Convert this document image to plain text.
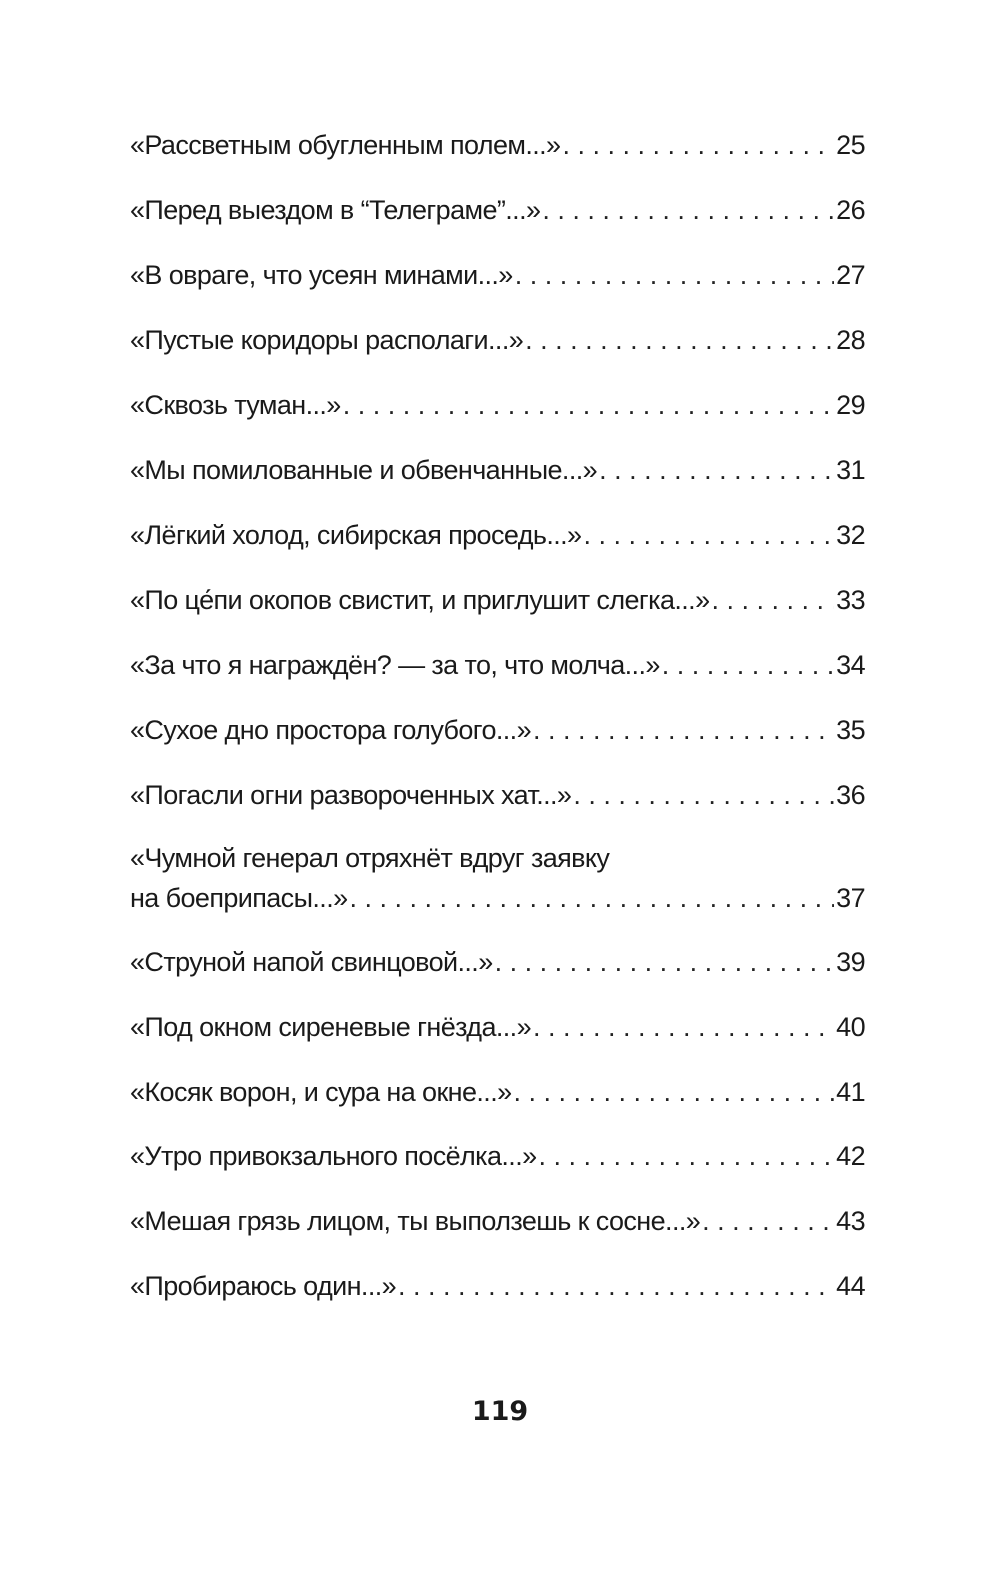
«Рассветным обугленным полем...» . . .	25
«Перед выездом в “Телеграме”...» . . .	26
«В овраге, что усеян минами...» . . .	27
«Пустые коридоры располаги...» . . .	28
«Сквозь туман...» . . .	29
«Мы помилованные и обвенчанные...» . . .	31
«Лёгкий холод, сибирская проседь...» . . .	32
«По це́пи окопов свистит, и приглушит слегка...» . . .	33
«За что я награждён? — за то, что молча...» . . .	34
«Сухое дно простора голубого...» . . .	35
«Погасли огни развороченных хат...» . . .	36
«Чумной генерал отряхнёт вдруг заявку
на боеприпасы...» . . .	37
«Струной напой свинцовой...» . . .	39
«Под окном сиреневые гнёзда...» . . .	40
«Косяк ворон, и сура на окне...» . . .	41
«Утро привокзального посёлка...» . . .	42
«Мешая грязь лицом, ты выползешь к сосне...» . . .	43
«Пробираюсь один...» . . .	44
119
